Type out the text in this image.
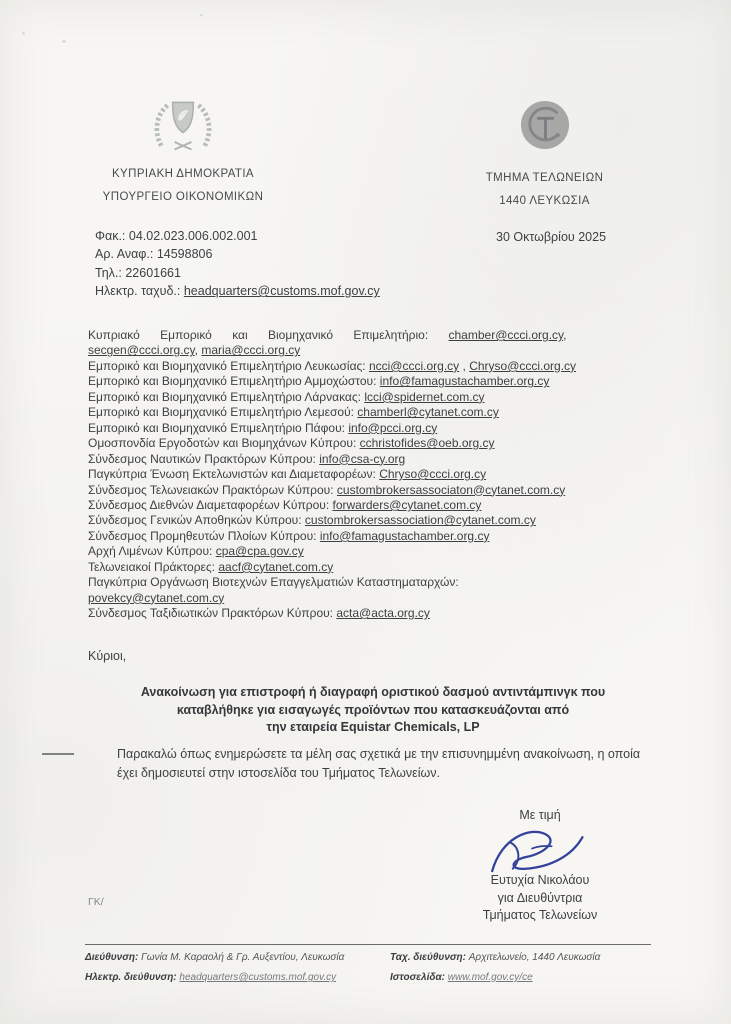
ΚΥΠΡΙΑΚΗ ΔΗΜΟΚΡΑΤΙΑ
ΥΠΟΥΡΓΕΙΟ ΟΙΚΟΝΟΜΙΚΩΝ
ΤΜΗΜΑ ΤΕΛΩΝΕΙΩΝ
1440 ΛΕΥΚΩΣΙΑ
Φακ.: 04.02.023.006.002.001
Αρ. Αναφ.: 14598806
Τηλ.: 22601661
Ηλεκτρ. ταχυδ.: headquarters@customs.mof.gov.cy
30 Οκτωβρίου 2025
Κυπριακό Εμπορικό και Βιομηχανικό Επιμελητήριο: chamber@ccci.org.cy,
secgen@ccci.org.cy, maria@ccci.org.cy
Εμπορικό και Βιομηχανικό Επιμελητήριο Λευκωσίας: ncci@ccci.org.cy , Chryso@ccci.org.cy
Εμπορικό και Βιομηχανικό Επιμελητήριο Αμμοχώστου: info@famagustachamber.org.cy
Εμπορικό και Βιομηχανικό Επιμελητήριο Λάρνακας: lcci@spidernet.com.cy
Εμπορικό και Βιομηχανικό Επιμελητήριο Λεμεσού: chamberl@cytanet.com.cy
Εμπορικό και Βιομηχανικό Επιμελητήριο Πάφου: info@pcci.org.cy
Ομοσπονδία Εργοδοτών και Βιομηχάνων Κύπρου: cchristofides@oeb.org.cy
Σύνδεσμος Ναυτικών Πρακτόρων Κύπρου: info@csa-cy.org
Παγκύπρια Ένωση Εκτελωνιστών και Διαμεταφορέων: Chryso@ccci.org.cy
Σύνδεσμος Τελωνειακών Πρακτόρων Κύπρου: custombrokersassociaton@cytanet.com.cy
Σύνδεσμος Διεθνών Διαμεταφορέων Κύπρου: forwarders@cytanet.com.cy
Σύνδεσμος Γενικών Αποθηκών Κύπρου: custombrokersassociation@cytanet.com.cy
Σύνδεσμος Προμηθευτών Πλοίων Κύπρου: info@famagustachamber.org.cy
Αρχή Λιμένων Κύπρου: cpa@cpa.gov.cy
Τελωνειακοί Πράκτορες: aacf@cytanet.com.cy
Παγκύπρια Οργάνωση Βιοτεχνών Επαγγελματιών Καταστηματαρχών:
povekcy@cytanet.com.cy
Σύνδεσμος Ταξιδιωτικών Πρακτόρων Κύπρου: acta@acta.org.cy
Κύριοι,
Ανακοίνωση για επιστροφή ή διαγραφή οριστικού δασμού αντιντάμπινγκ που
καταβλήθηκε για εισαγωγές προϊόντων που κατασκευάζονται από
την εταιρεία Equistar Chemicals, LP
Παρακαλώ όπως ενημερώσετε τα μέλη σας σχετικά με την επισυνημμένη ανακοίνωση, η οποία
έχει δημοσιευτεί στην ιστοσελίδα του Τμήματος Τελωνείων.
Με τιμή
Ευτυχία Νικολάου
για Διευθύντρια
Τμήματος Τελωνείων
ΓΚ/
Διεύθυνση: Γωνία Μ. Καραολή & Γρ. Αυξεντίου, Λευκωσία
Ηλεκτρ. διεύθυνση: headquarters@customs.mof.gov.cy
Ταχ. διεύθυνση: Αρχιτελωνείο, 1440 Λευκωσία
Ιστοσελίδα: www.mof.gov.cy/ce
